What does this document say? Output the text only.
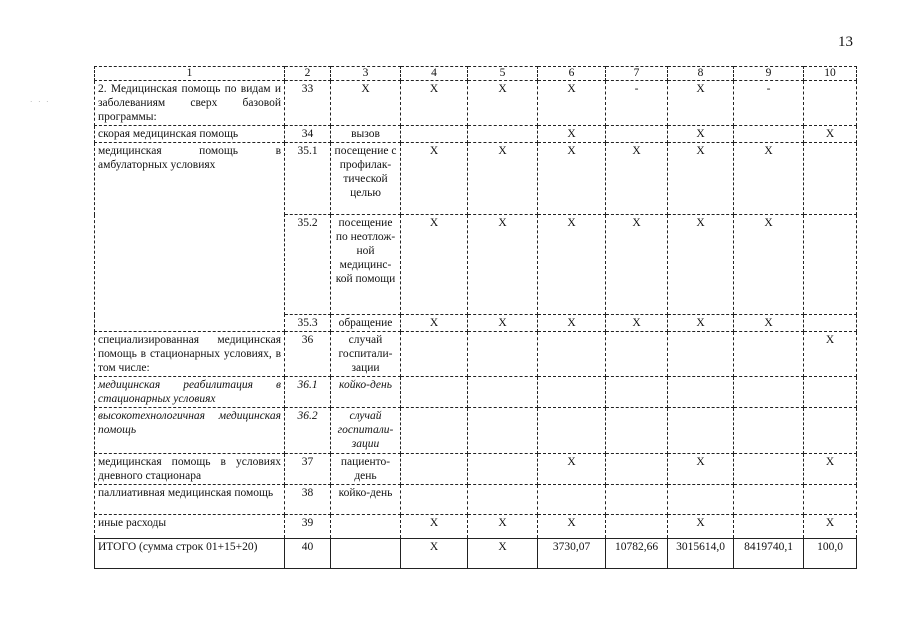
13
· · ·
1	2	3	4	5	6	7	8	9	10
2. Медицинская помощь по видам и заболеваниям сверх базовой программы:	33	Х	Х	Х	Х	-	Х	-	
скорая медицинская помощь	34	вызов			Х		Х		Х
медицинская помощь в амбулаторных условиях	35.1	посещение с профилак-тической целью	Х	Х	Х	Х	Х	Х	
	35.2	посещение по неотлож-ной медицинс-кой помощи	Х	Х	Х	Х	Х	Х	
	35.3	обращение	Х	Х	Х	Х	Х	Х	
специализированная медицинская помощь в стационарных условиях, в том числе:	36	случай госпитали-зации							Х
медицинская реабилитация в стационарных условиях	36.1	койко-день							
высокотехнологичная медицинская помощь	36.2	случай госпитали-зации							
медицинская помощь в условиях дневного стационара	37	пациенто-день			Х		Х		Х
паллиативная медицинская помощь	38	койко-день							
иные расходы	39		Х	Х	Х		Х		Х
ИТОГО (сумма строк 01+15+20)	40		Х	Х	3730,07	10782,66	3015614,0	8419740,1	100,0
